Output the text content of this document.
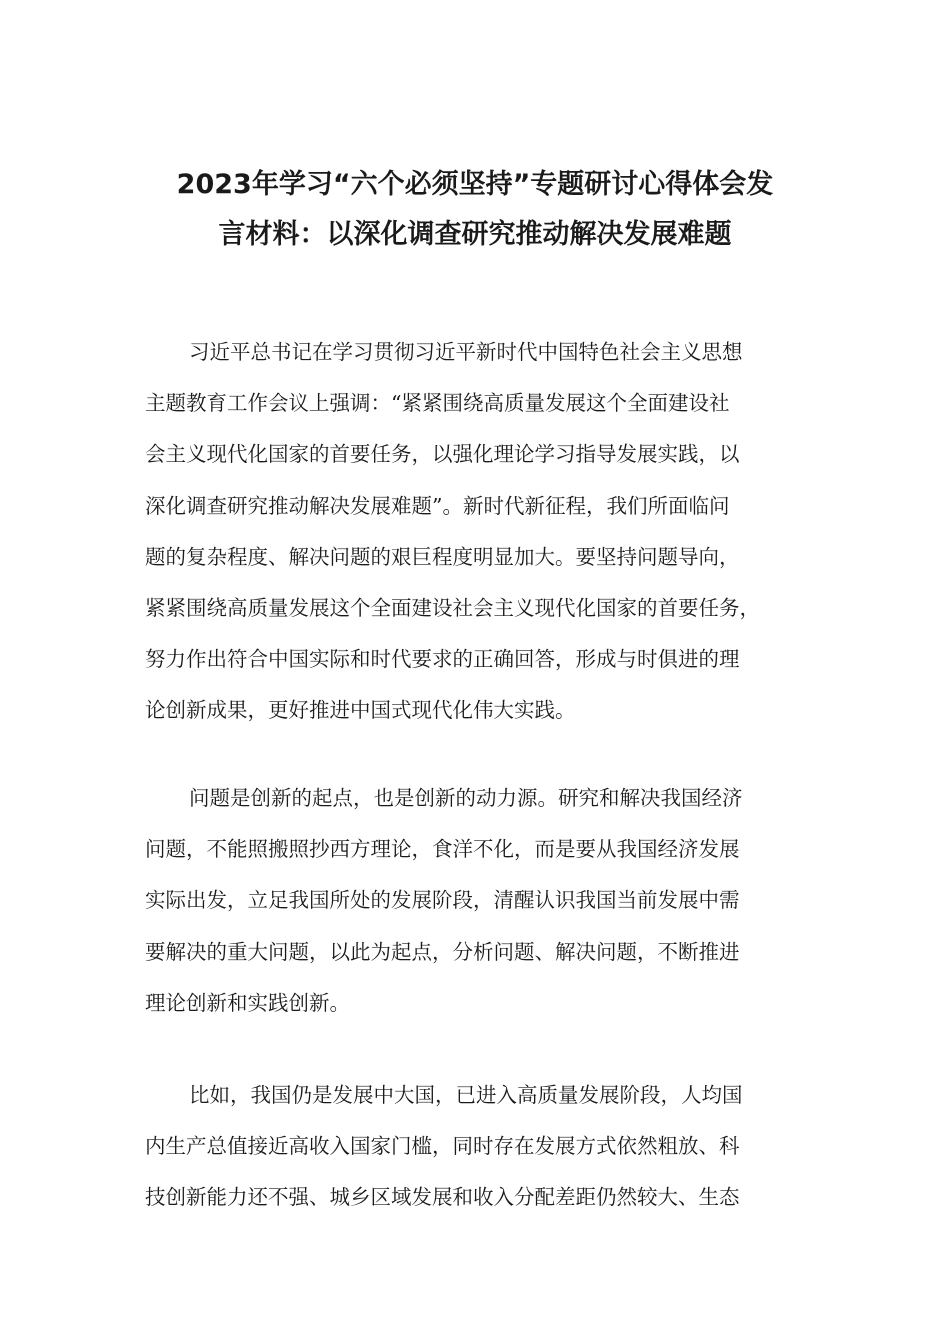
2023年学习“六个必须坚持”专题研讨心得体会发
言材料：以深化调查研究推动解决发展难题
习近平总书记在学习贯彻习近平新时代中国特色社会主义思想
主题教育工作会议上强调：“紧紧围绕高质量发展这个全面建设社
会主义现代化国家的首要任务，以强化理论学习指导发展实践，以
深化调查研究推动解决发展难题”。新时代新征程，我们所面临问
题的复杂程度、解决问题的艰巨程度明显加大。要坚持问题导向，
紧紧围绕高质量发展这个全面建设社会主义现代化国家的首要任务，
努力作出符合中国实际和时代要求的正确回答，形成与时俱进的理
论创新成果，更好推进中国式现代化伟大实践。
问题是创新的起点，也是创新的动力源。研究和解决我国经济
问题，不能照搬照抄西方理论，食洋不化，而是要从我国经济发展
实际出发，立足我国所处的发展阶段，清醒认识我国当前发展中需
要解决的重大问题，以此为起点，分析问题、解决问题，不断推进
理论创新和实践创新。
比如，我国仍是发展中大国，已进入高质量发展阶段，人均国
内生产总值接近高收入国家门槛，同时存在发展方式依然粗放、科
技创新能力还不强、城乡区域发展和收入分配差距仍然较大、生态
